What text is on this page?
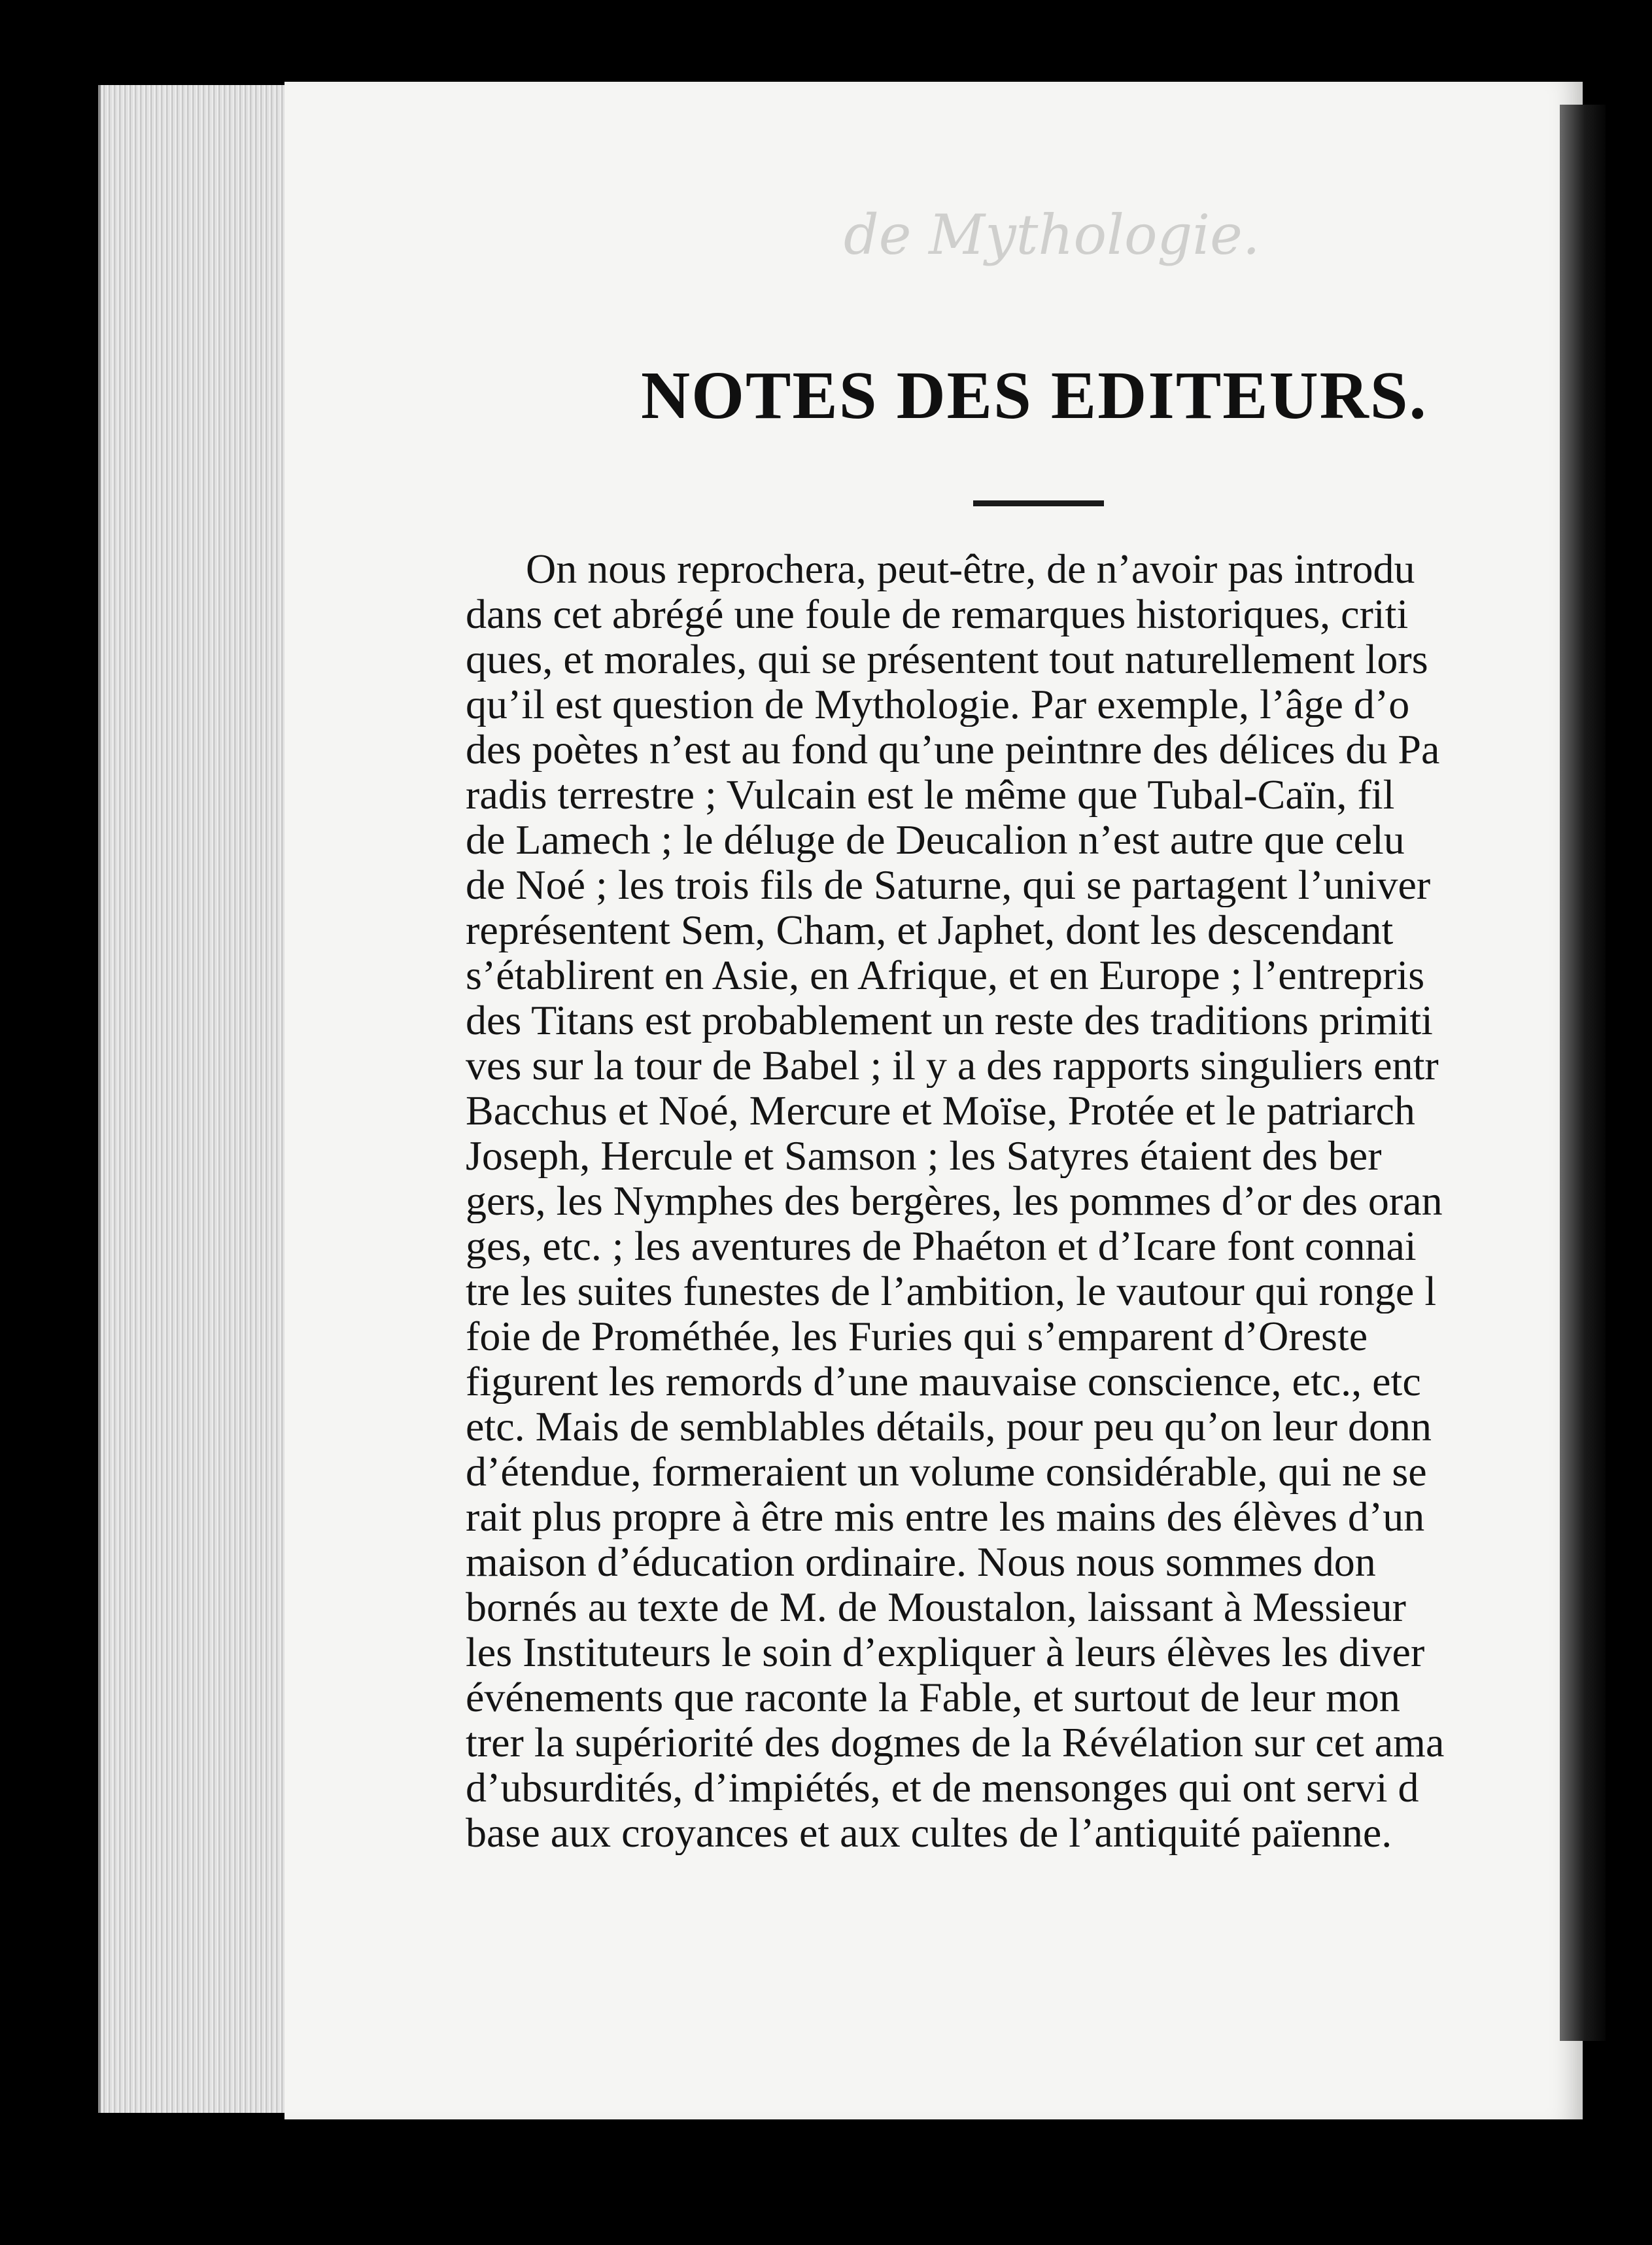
de Mythologie.
NOTES DES EDITEURS.
On nous reprochera, peut-être, de n’avoir pas introdu
dans cet abrégé une foule de remarques historiques, criti
ques, et morales, qui se présentent tout naturellement lors
qu’il est question de Mythologie. Par exemple, l’âge d’o
des poètes n’est au fond qu’une peintnre des délices du Pa
radis terrestre ; Vulcain est le même que Tubal-Caïn, fil
de Lamech ; le déluge de Deucalion n’est autre que celu
de Noé ; les trois fils de Saturne, qui se partagent l’univer
représentent Sem, Cham, et Japhet, dont les descendant
s’établirent en Asie, en Afrique, et en Europe ; l’entrepris
des Titans est probablement un reste des traditions primiti
ves sur la tour de Babel ; il y a des rapports singuliers entr
Bacchus et Noé, Mercure et Moïse, Protée et le patriarch
Joseph, Hercule et Samson ; les Satyres étaient des ber
gers, les Nymphes des bergères, les pommes d’or des oran
ges, etc. ; les aventures de Phaéton et d’Icare font connai
tre les suites funestes de l’ambition, le vautour qui ronge l
foie de Prométhée, les Furies qui s’emparent d’Oreste
figurent les remords d’une mauvaise conscience, etc., etc
etc. Mais de semblables détails, pour peu qu’on leur donn
d’étendue, formeraient un volume considérable, qui ne se
rait plus propre à être mis entre les mains des élèves d’un
maison d’éducation ordinaire. Nous nous sommes don
bornés au texte de M. de Moustalon, laissant à Messieur
les Instituteurs le soin d’expliquer à leurs élèves les diver
événements que raconte la Fable, et surtout de leur mon
trer la supériorité des dogmes de la Révélation sur cet ama
d’ubsurdités, d’impiétés, et de mensonges qui ont servi d
base aux croyances et aux cultes de l’antiquité païenne.
